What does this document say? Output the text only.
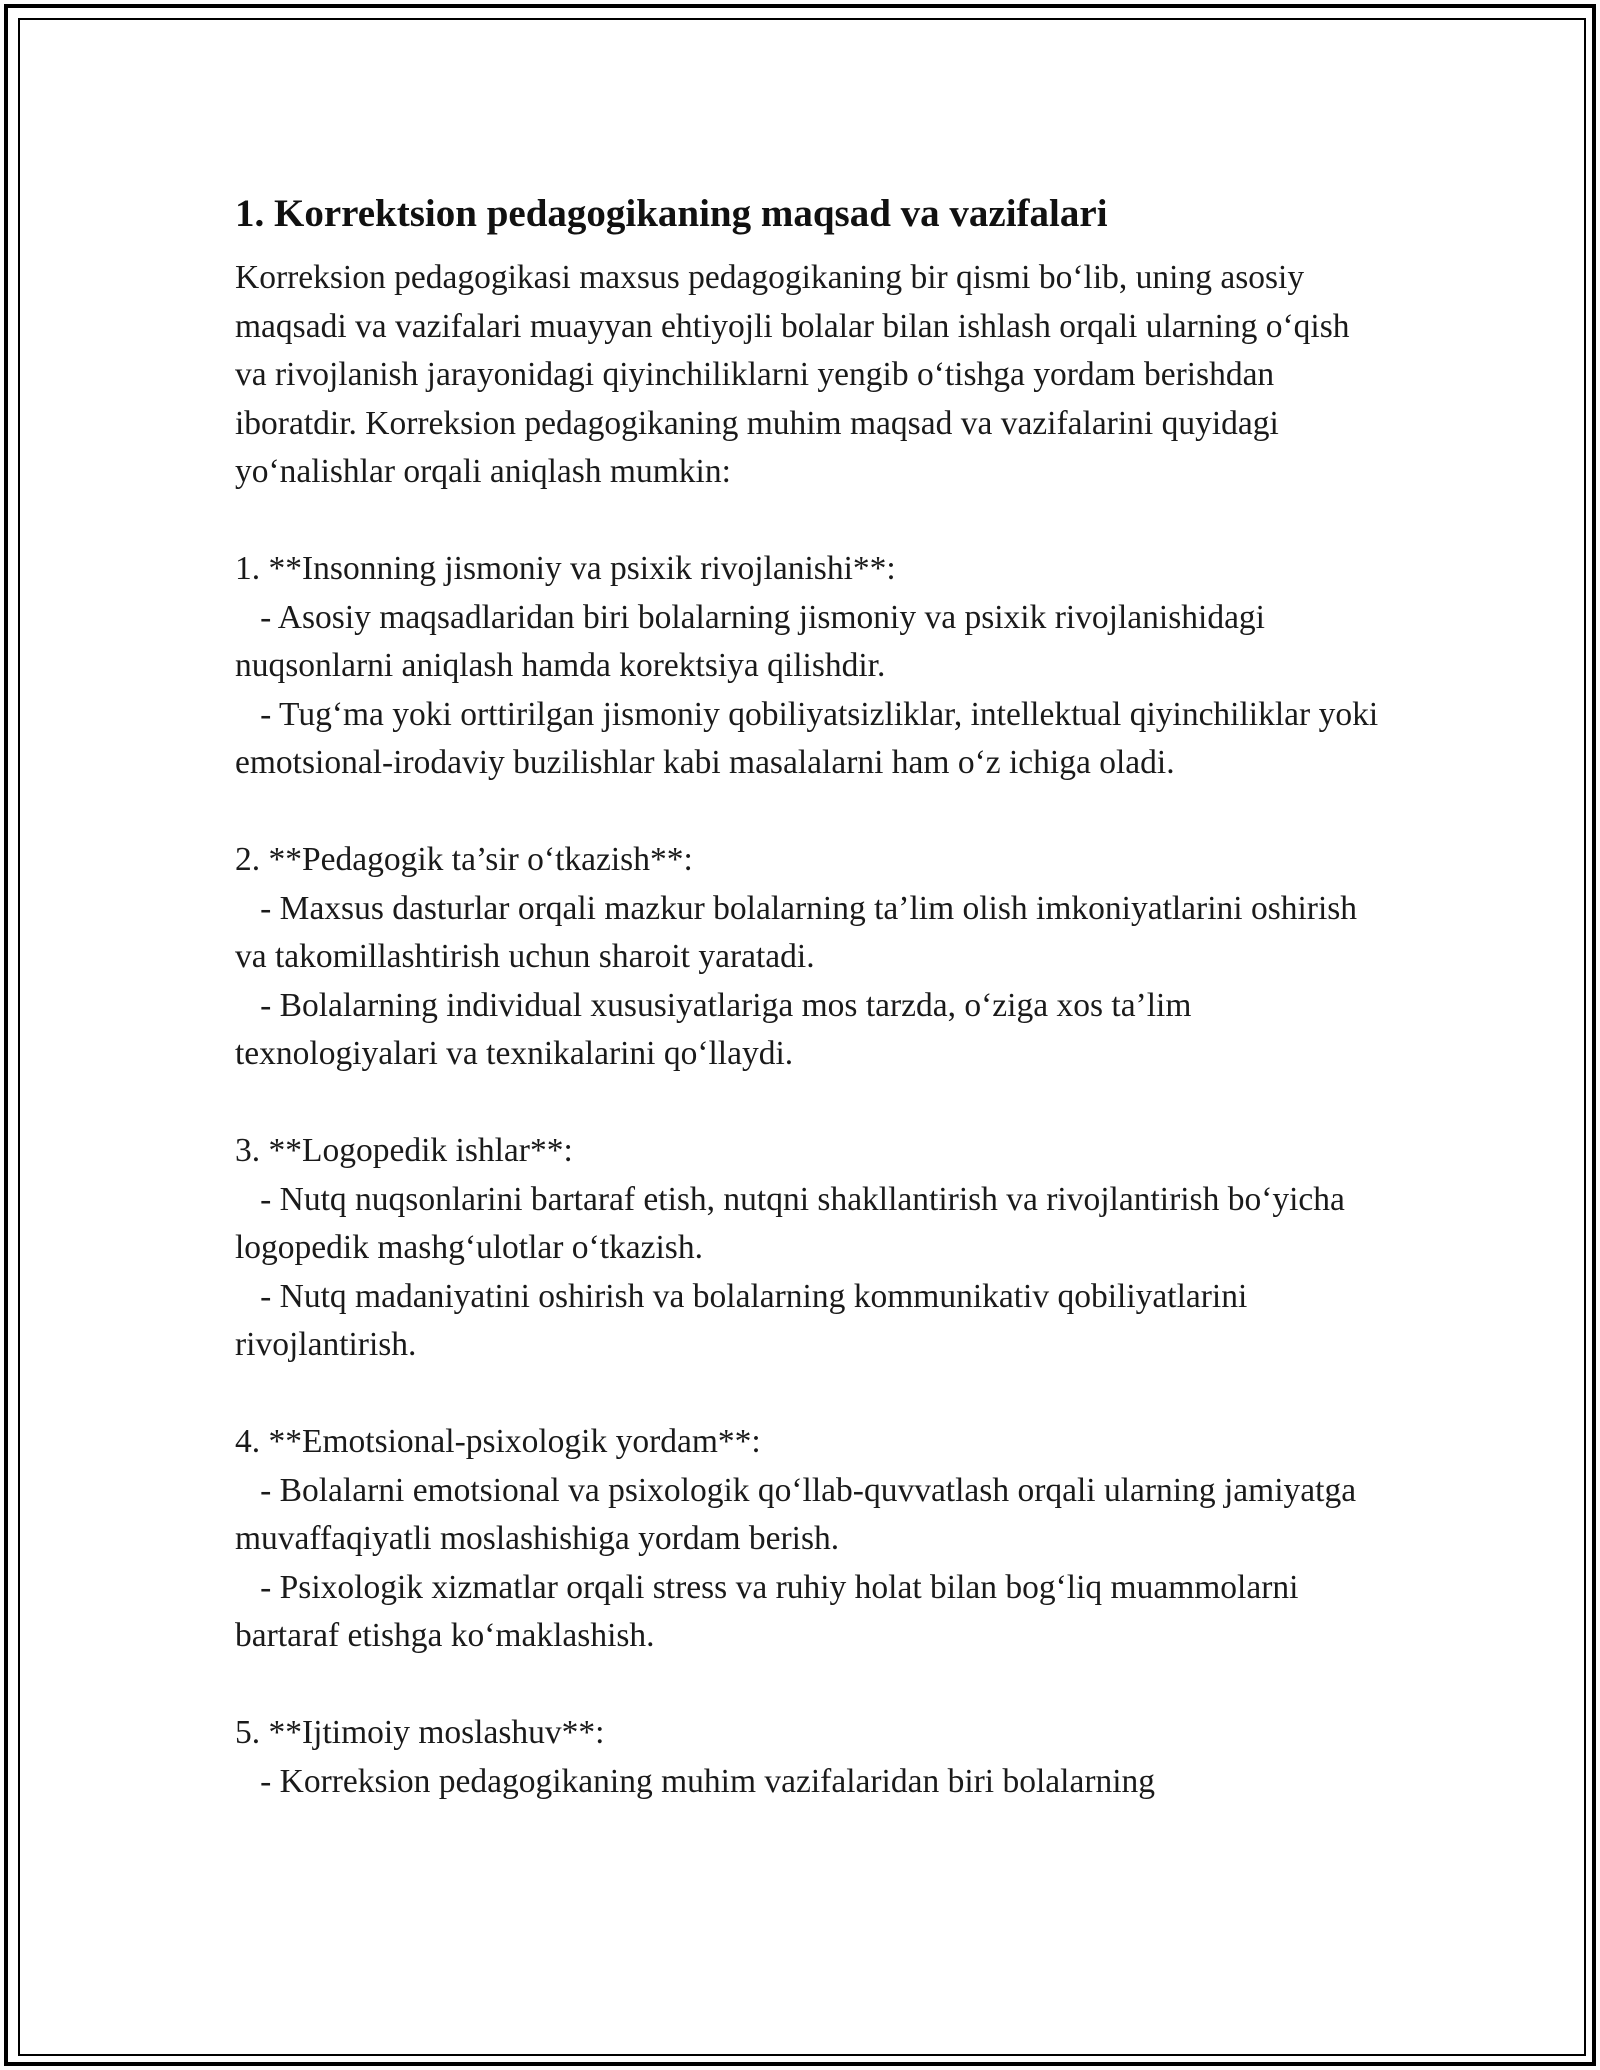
1. Korrektsion pedagogikaning maqsad va vazifalari

Korreksion pedagogikasi maxsus pedagogikaning bir qismi bo‘lib, uning asosiy maqsadi va vazifalari muayyan ehtiyojli bolalar bilan ishlash orqali ularning o‘qish va rivojlanish jarayonidagi qiyinchiliklarni yengib o‘tishga yordam berishdan iboratdir. Korreksion pedagogikaning muhim maqsad va vazifalarini quyidagi yo‘nalishlar orqali aniqlash mumkin:

1. **Insonning jismoniy va psixik rivojlanishi**:

- Asosiy maqsadlaridan biri bolalarning jismoniy va psixik rivojlanishidagi nuqsonlarni aniqlash hamda korektsiya qilishdir.

- Tug‘ma yoki orttirilgan jismoniy qobiliyatsizliklar, intellektual qiyinchiliklar yoki emotsional-irodaviy buzilishlar kabi masalalarni ham o‘z ichiga oladi.

2. **Pedagogik ta’sir o‘tkazish**:

- Maxsus dasturlar orqali mazkur bolalarning ta’lim olish imkoniyatlarini oshirish va takomillashtirish uchun sharoit yaratadi.

- Bolalarning individual xususiyatlariga mos tarzda, o‘ziga xos ta’lim texnologiyalari va texnikalarini qo‘llaydi.

3. **Logopedik ishlar**:

- Nutq nuqsonlarini bartaraf etish, nutqni shakllantirish va rivojlantirish bo‘yicha logopedik mashg‘ulotlar o‘tkazish.

- Nutq madaniyatini oshirish va bolalarning kommunikativ qobiliyatlarini rivojlantirish.

4. **Emotsional-psixologik yordam**:

- Bolalarni emotsional va psixologik qo‘llab-quvvatlash orqali ularning jamiyatga muvaffaqiyatli moslashishiga yordam berish.

- Psixologik xizmatlar orqali stress va ruhiy holat bilan bog‘liq muammolarni bartaraf etishga ko‘maklashish.

5. **Ijtimoiy moslashuv**:

- Korreksion pedagogikaning muhim vazifalaridan biri bolalarning
